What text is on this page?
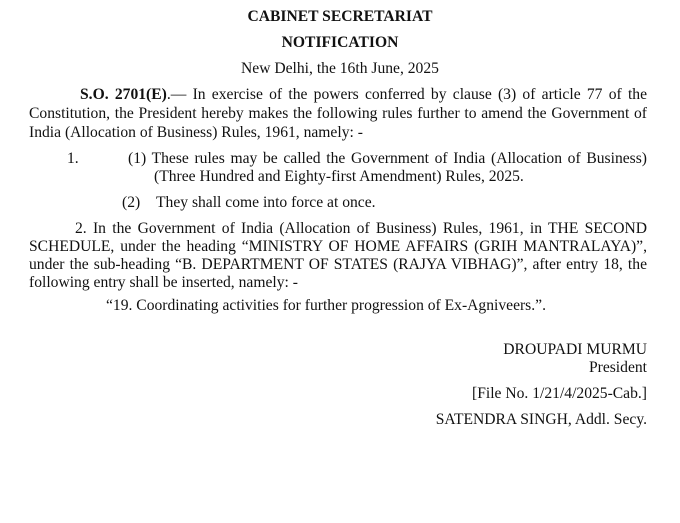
CABINET SECRETARIAT
NOTIFICATION
New Delhi, the 16th June, 2025
S.O. 2701(E).— In exercise of the powers conferred by clause (3) of article 77 of the
Constitution, the President hereby makes the following rules further to amend the Government of
India (Allocation of Business) Rules, 1961, namely: -
1.	(1) These rules may be called the Government of India (Allocation of Business)
(Three Hundred and Eighty-first Amendment) Rules, 2025.
(2) They shall come into force at once.
2. In the Government of India (Allocation of Business) Rules, 1961, in THE SECOND
SCHEDULE, under the heading “MINISTRY OF HOME AFFAIRS (GRIH MANTRALAYA)”,
under the sub-heading “B. DEPARTMENT OF STATES (RAJYA VIBHAG)”, after entry 18, the
following entry shall be inserted, namely: -
“19. Coordinating activities for further progression of Ex-Agniveers.”.
DROUPADI MURMU
President
[File No. 1/21/4/2025-Cab.]
SATENDRA SINGH, Addl. Secy.
